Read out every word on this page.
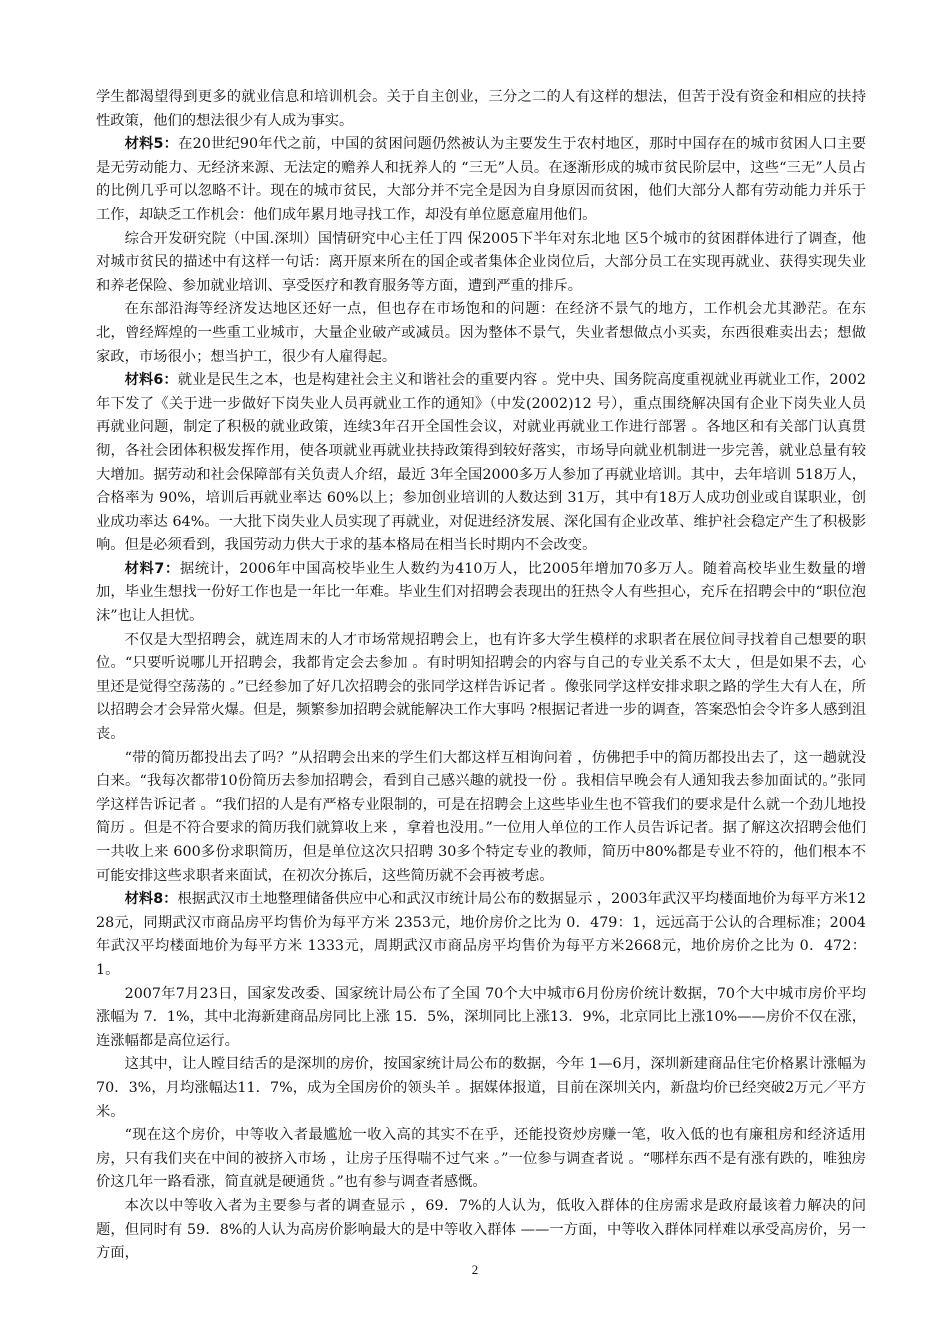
学生都渴望得到更多的就业信息和培训机会。关于自主创业，三分之二的人有这样的想法，但苦于没有资金和相应的扶持性政策，他们的想法很少有人成为事实。

材料5：在20世纪90年代之前，中国的贫困问题仍然被认为主要发生于农村地区，那时中国存在的城市贫困人口主要是无劳动能力、无经济来源、无法定的赡养人和抚养人的 “三无”人员。在逐渐形成的城市贫民阶层中，这些“三无”人员占的比例几乎可以忽略不计。现在的城市贫民，大部分并不完全是因为自身原因而贫困，他们大部分人都有劳动能力并乐于工作，却缺乏工作机会：他们成年累月地寻找工作，却没有单位愿意雇用他们。

综合开发研究院（中国.深圳）国情研究中心主任丁四 保2005下半年对东北地 区5个城市的贫困群体进行了调查，他对城市贫民的描述中有这样一句话：离开原来所在的国企或者集体企业岗位后，大部分员工在实现再就业、获得实现失业和养老保险、参加就业培训、享受医疗和教育服务等方面，遭到严重的排斥。

在东部沿海等经济发达地区还好一点，但也存在市场饱和的问题：在经济不景气的地方，工作机会尤其渺茫。在东北，曾经辉煌的一些重工业城市，大量企业破产或减员。因为整体不景气，失业者想做点小买卖，东西很难卖出去；想做家政，市场很小；想当护工，很少有人雇得起。

材料6：就业是民生之本，也是构建社会主义和谐社会的重要内容 。党中央、国务院高度重视就业再就业工作，2002年下发了《关于进一步做好下岗失业人员再就业工作的通知》（中发(2002)12 号），重点围绕解决国有企业下岗失业人员再就业问题，制定了积极的就业政策，连续3年召开全国性会议，对就业再就业工作进行部署 。各地区和有关部门认真贯彻，各社会团体积极发挥作用，使各项就业再就业扶持政策得到较好落实，市场导向就业机制进一步完善，就业总量有较大增加。据劳动和社会保障部有关负责人介绍，最近 3年全国2000多万人参加了再就业培训。其中，去年培训 518万人，合格率为 90%，培训后再就业率达 60%以上；参加创业培训的人数达到 31万，其中有18万人成功创业或自谋职业，创业成功率达 64%。一大批下岗失业人员实现了再就业，对促进经济发展、深化国有企业改革、维护社会稳定产生了积极影响。但是必须看到，我国劳动力供大于求的基本格局在相当长时期内不会改变。

材料7：据统计，2006年中国高校毕业生人数约为410万人，比2005年增加70多万人。随着高校毕业生数量的增加，毕业生想找一份好工作也是一年比一年难。毕业生们对招聘会表现出的狂热令人有些担心，充斥在招聘会中的“职位泡沫”也让人担忧。

不仅是大型招聘会，就连周末的人才市场常规招聘会上，也有许多大学生模样的求职者在展位间寻找着自己想要的职位。“只要听说哪儿开招聘会，我都肯定会去参加 。有时明知招聘会的内容与自己的专业关系不太大 ，但是如果不去，心里还是觉得空荡荡的 。”已经参加了好几次招聘会的张同学这样告诉记者 。像张同学这样安排求职之路的学生大有人在，所以招聘会才会异常火爆。但是，频繁参加招聘会就能解决工作大事吗 ?根据记者进一步的调查，答案恐怕会令许多人感到沮丧。

“带的简历都投出去了吗？”从招聘会出来的学生们大都这样互相询问着 ，仿佛把手中的简历都投出去了，这一趟就没白来。“我每次都带10份简历去参加招聘会，看到自己感兴趣的就投一份 。我相信早晚会有人通知我去参加面试的。”张同学这样告诉记者 。“我们招的人是有严格专业限制的，可是在招聘会上这些毕业生也不管我们的要求是什么就一个劲儿地投简历 。但是不符合要求的简历我们就算收上来 ，拿着也没用。”一位用人单位的工作人员告诉记者。据了解这次招聘会他们一共收上来 600多份求职简历，但是单位这次只招聘 30多个特定专业的教师，简历中80%都是专业不符的，他们根本不可能安排这些求职者来面试，在初次分拣后，这些简历就不会再被考虑。

材料8：根据武汉市土地整理储备供应中心和武汉市统计局公布的数据显示 ，2003年武汉平均楼面地价为每平方米1228元，同期武汉市商品房平均售价为每平方米 2353元，地价房价之比为 0．479：1，远远高于公认的合理标准；2004年武汉平均楼面地价为每平方米 1333元，周期武汉市商品房平均售价为每平方米2668元，地价房价之比为 0．472：1。

2007年7月23日，国家发改委、国家统计局公布了全国 70个大中城市6月份房价统计数据，70个大中城市房价平均涨幅为 7．1%，其中北海新建商品房同比上涨 15．5%，深圳同比上涨13．9%，北京同比上涨10%——房价不仅在涨，连涨幅都是高位运行。

这其中，让人瞠目结舌的是深圳的房价，按国家统计局公布的数据，今年 1—6月，深圳新建商品住宅价格累计涨幅为70．3%，月均涨幅达11．7%，成为全国房价的领头羊 。据媒体报道，目前在深圳关内，新盘均价已经突破2万元／平方米。

“现在这个房价，中等收入者最尴尬一收入高的其实不在乎，还能投资炒房赚一笔，收入低的也有廉租房和经济适用房，只有我们夹在中间的被挤入市场 ，让房子压得喘不过气来 。”一位参与调查者说 。“哪样东西不是有涨有跌的，唯独房价这几年一路看涨，简直就是硬通货 。”也有参与调查者感慨。

本次以中等收入者为主要参与者的调查显示 ，69．7%的人认为，低收入群体的住房需求是政府最该着力解决的问题，但同时有 59．8%的人认为高房价影响最大的是中等收入群体 ——一方面，中等收入群体同样难以承受高房价，另一方面，

2
